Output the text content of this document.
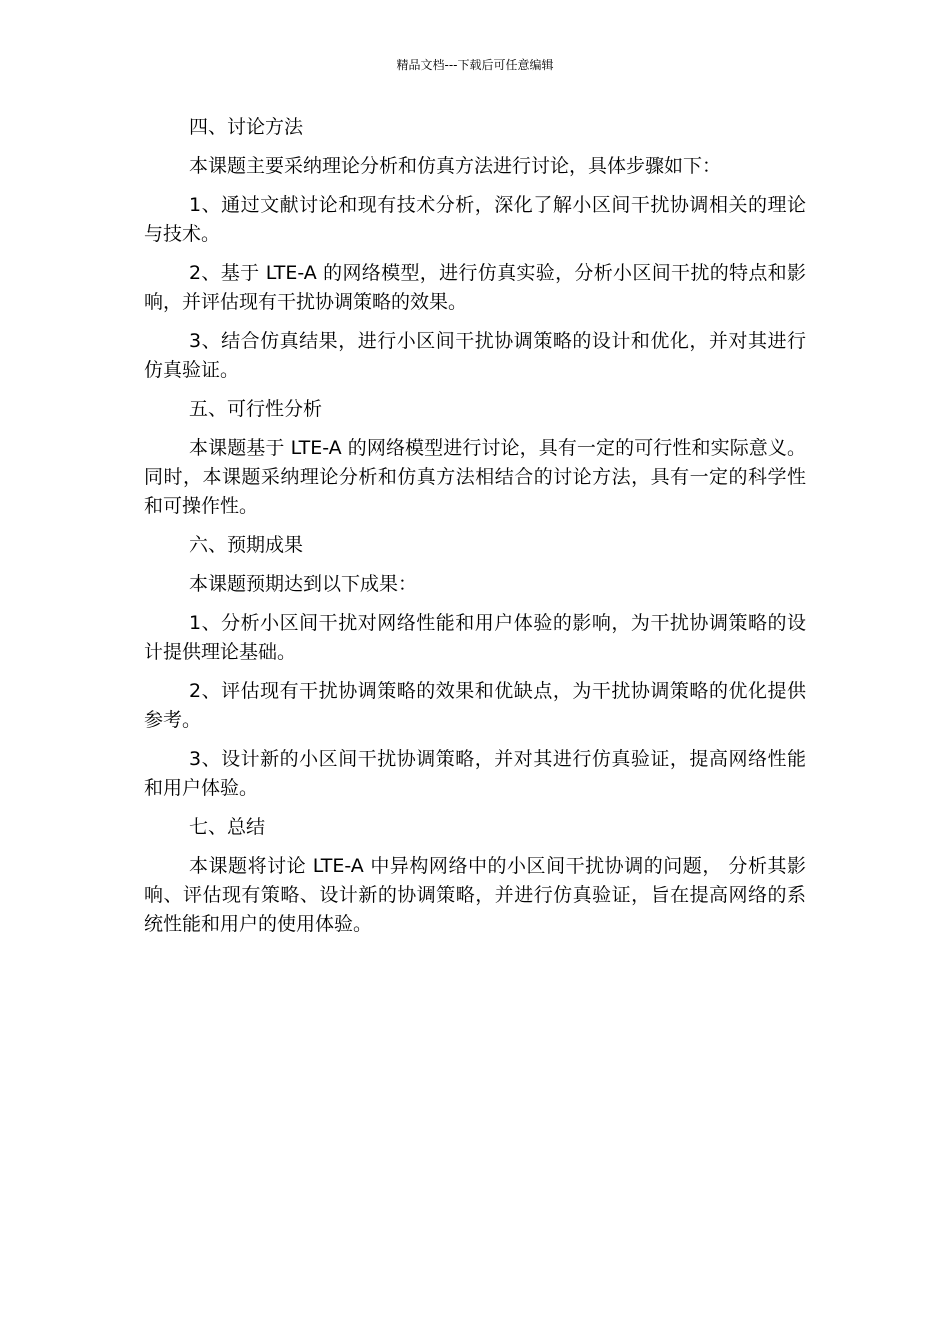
精品文档---下载后可任意编辑

四、讨论方法

本课题主要采纳理论分析和仿真方法进行讨论，具体步骤如下：

1、通过文献讨论和现有技术分析，深化了解小区间干扰协调相关的理论与技术。

2、基于 LTE-A 的网络模型，进行仿真实验，分析小区间干扰的特点和影响，并评估现有干扰协调策略的效果。

3、结合仿真结果，进行小区间干扰协调策略的设计和优化，并对其进行仿真验证。

五、可行性分析

本课题基于 LTE-A 的网络模型进行讨论，具有一定的可行性和实际意义。同时，本课题采纳理论分析和仿真方法相结合的讨论方法，具有一定的科学性和可操作性。

六、预期成果

本课题预期达到以下成果：

1、分析小区间干扰对网络性能和用户体验的影响，为干扰协调策略的设计提供理论基础。

2、评估现有干扰协调策略的效果和优缺点，为干扰协调策略的优化提供参考。

3、设计新的小区间干扰协调策略，并对其进行仿真验证，提高网络性能和用户体验。

七、总结

本课题将讨论 LTE-A 中异构网络中的小区间干扰协调的问题， 分析其影响、评估现有策略、设计新的协调策略，并进行仿真验证，旨在提高网络的系统性能和用户的使用体验。
